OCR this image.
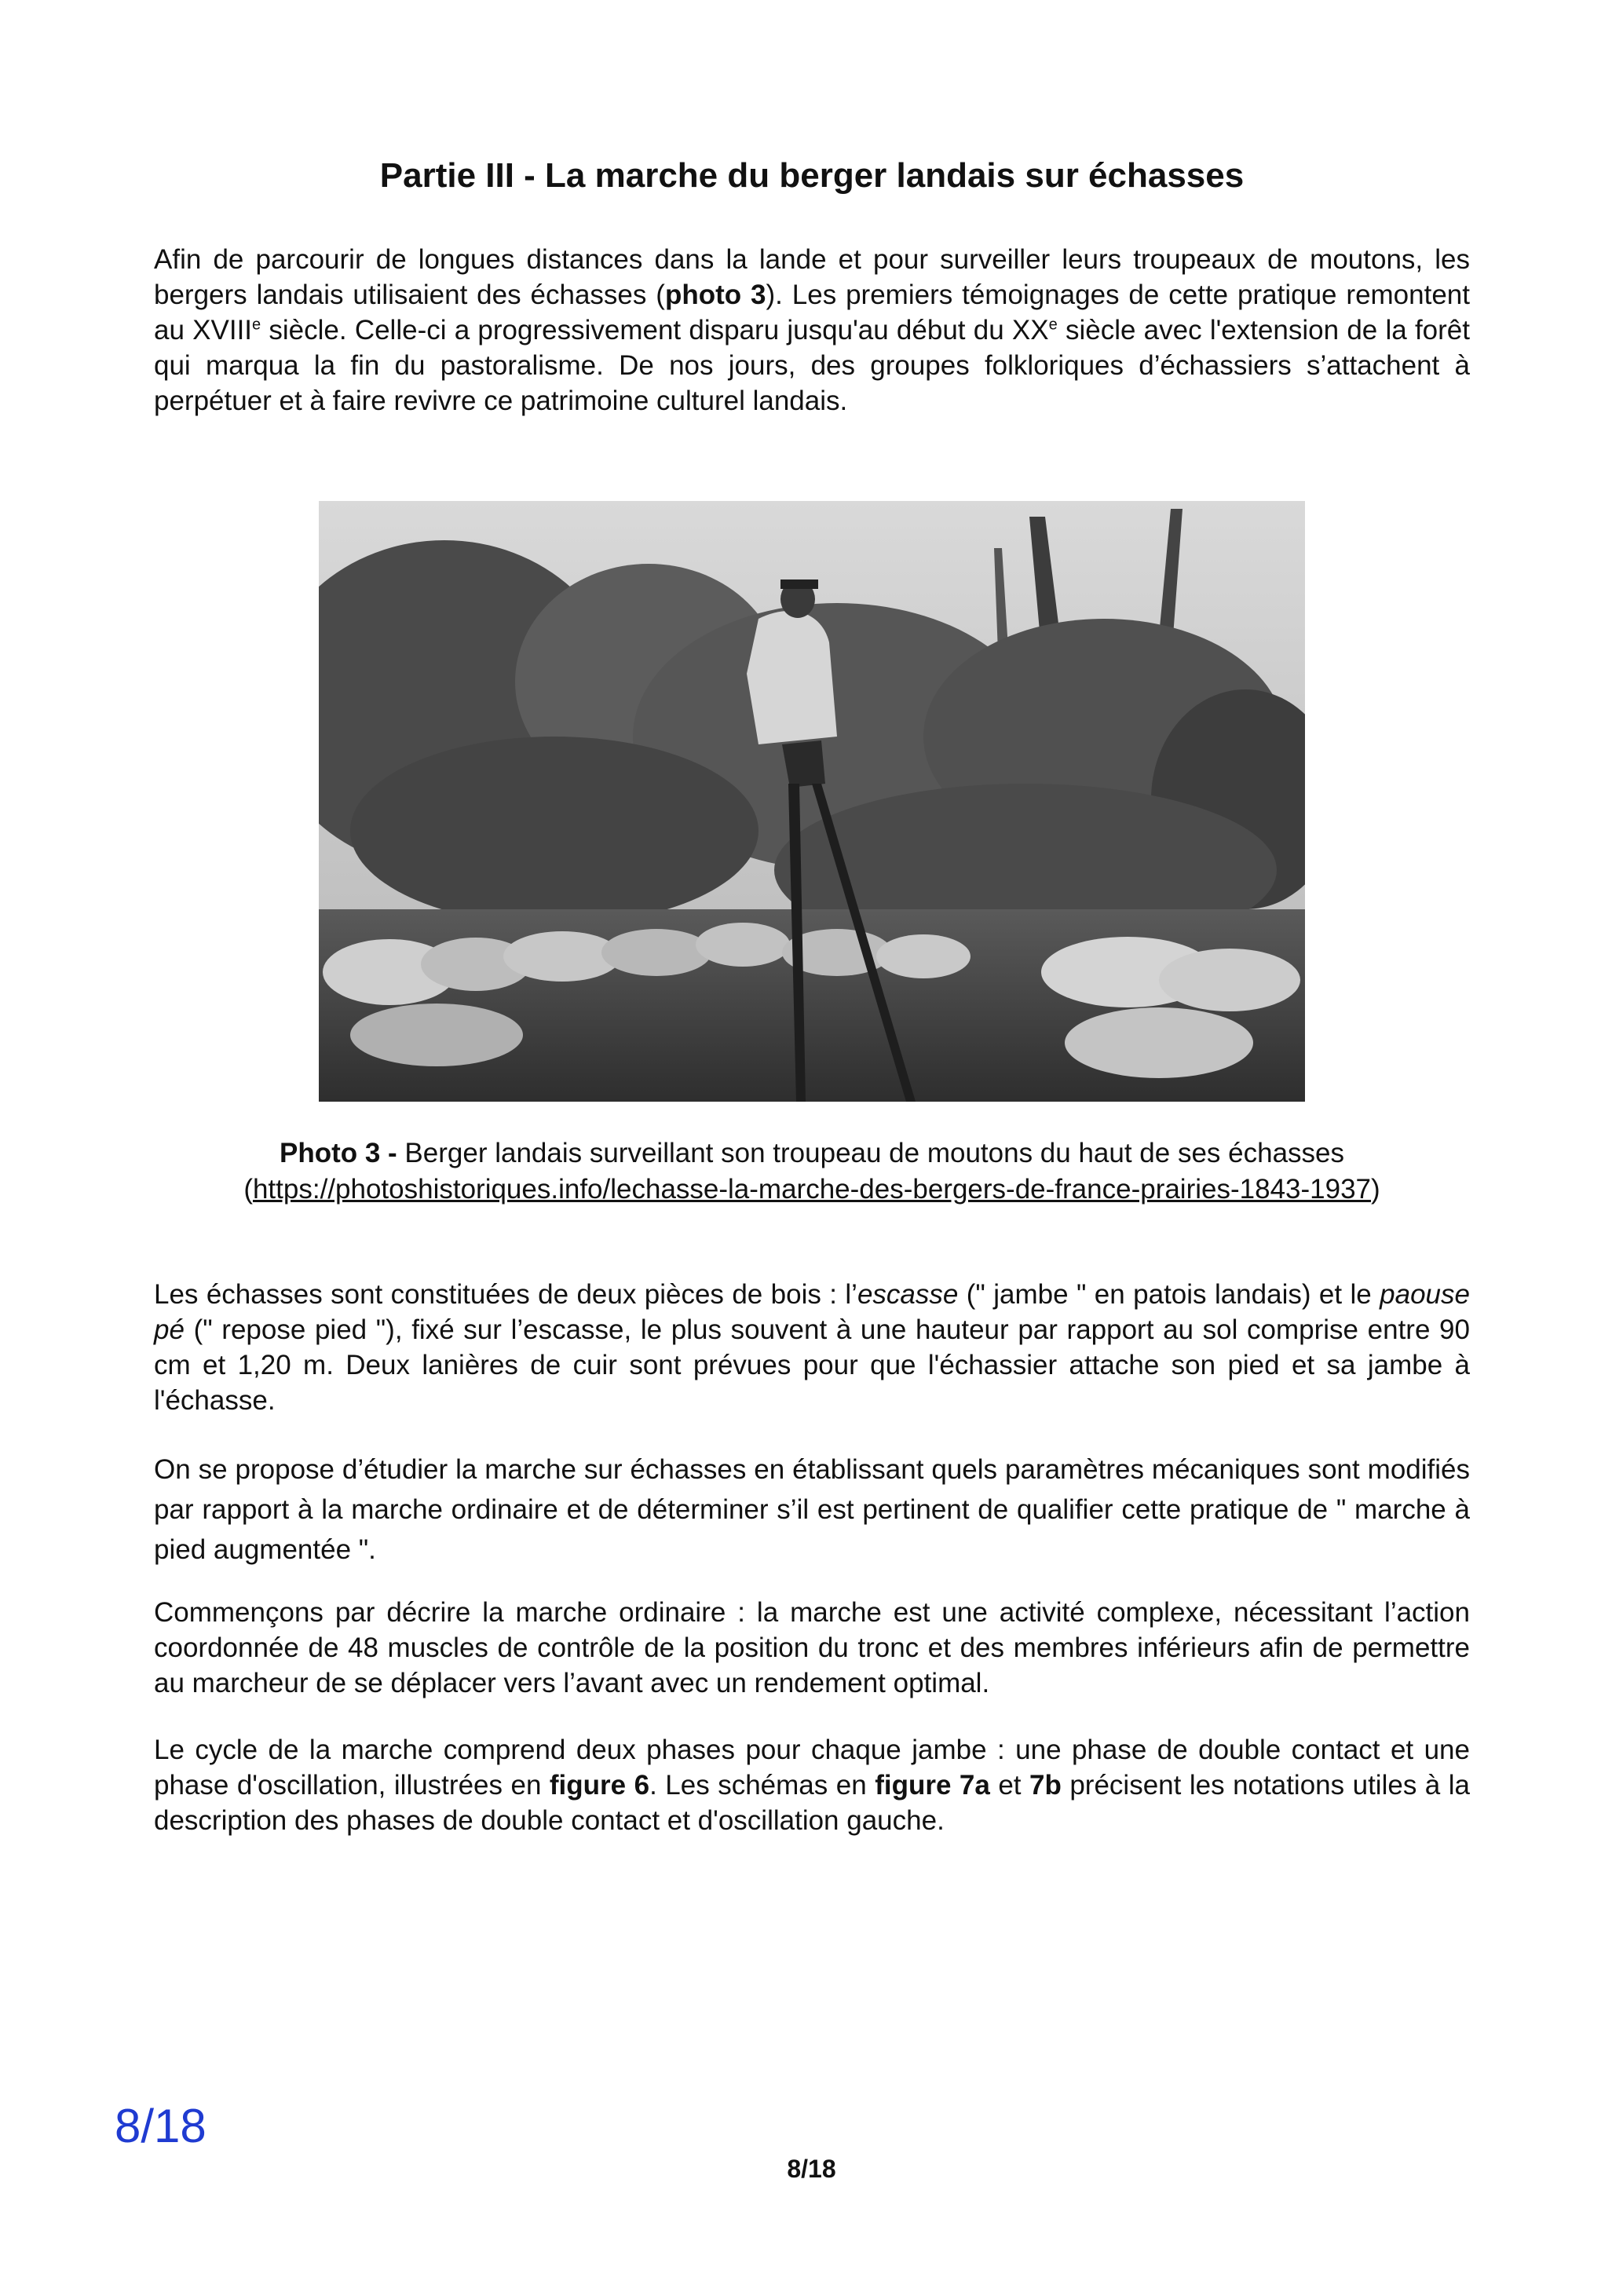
Partie III - La marche du berger landais sur échasses

Afin de parcourir de longues distances dans la lande et pour surveiller leurs troupeaux de moutons, les bergers landais utilisaient des échasses (photo 3). Les premiers témoignages de cette pratique remontent au XVIIIe siècle. Celle-ci a progressivement disparu jusqu'au début du XXe siècle avec l'extension de la forêt qui marqua la fin du pastoralisme. De nos jours, des groupes folkloriques d’échassiers s’attachent à perpétuer et à faire revivre ce patrimoine culturel landais.

Photo 3 - Berger landais surveillant son troupeau de moutons du haut de ses échasses
(https://photoshistoriques.info/lechasse-la-marche-des-bergers-de-france-prairies-1843-1937)

Les échasses sont constituées de deux pièces de bois : l’escasse (" jambe " en patois landais) et le paouse pé (" repose pied "), fixé sur l’escasse, le plus souvent à une hauteur par rapport au sol comprise entre 90 cm et 1,20 m. Deux lanières de cuir sont prévues pour que l'échassier attache son pied et sa jambe à l'échasse.

On se propose d’étudier la marche sur échasses en établissant quels paramètres mécaniques sont modifiés par rapport à la marche ordinaire et de déterminer s’il est pertinent de qualifier cette pratique de " marche à pied augmentée ".

Commençons par décrire la marche ordinaire : la marche est une activité complexe, nécessitant l’action coordonnée de 48 muscles de contrôle de la position du tronc et des membres inférieurs afin de permettre au marcheur de se déplacer vers l’avant avec un rendement optimal.

Le cycle de la marche comprend deux phases pour chaque jambe : une phase de double contact et une phase d'oscillation, illustrées en figure 6. Les schémas en figure 7a et 7b précisent les notations utiles à la description des phases de double contact et d'oscillation gauche.

8/18
8/18
